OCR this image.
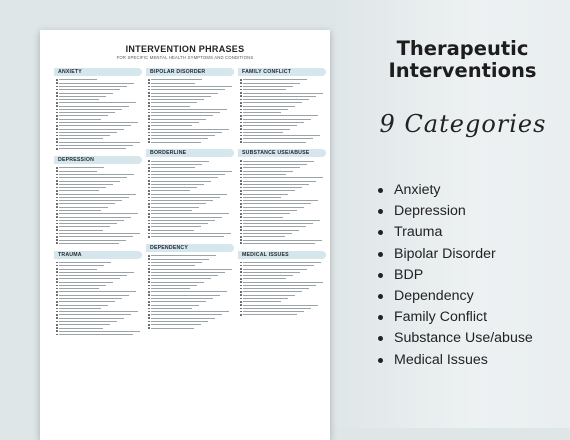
INTERVENTION PHRASES
FOR SPECIFIC MENTAL HEALTH SYMPTOMS AND CONDITIONS
ANXIETY
DEPRESSION
TRAUMA
BIPOLAR DISORDER
BORDERLINE
DEPENDENCY
FAMILY CONFLICT
SUBSTANCE USE/ABUSE
MEDICAL ISSUES
Therapeutic
Interventions
9 Categories
Anxiety
Depression
Trauma
Bipolar Disorder
BDP
Dependency
Family Conflict
Substance Use/abuse
Medical Issues
